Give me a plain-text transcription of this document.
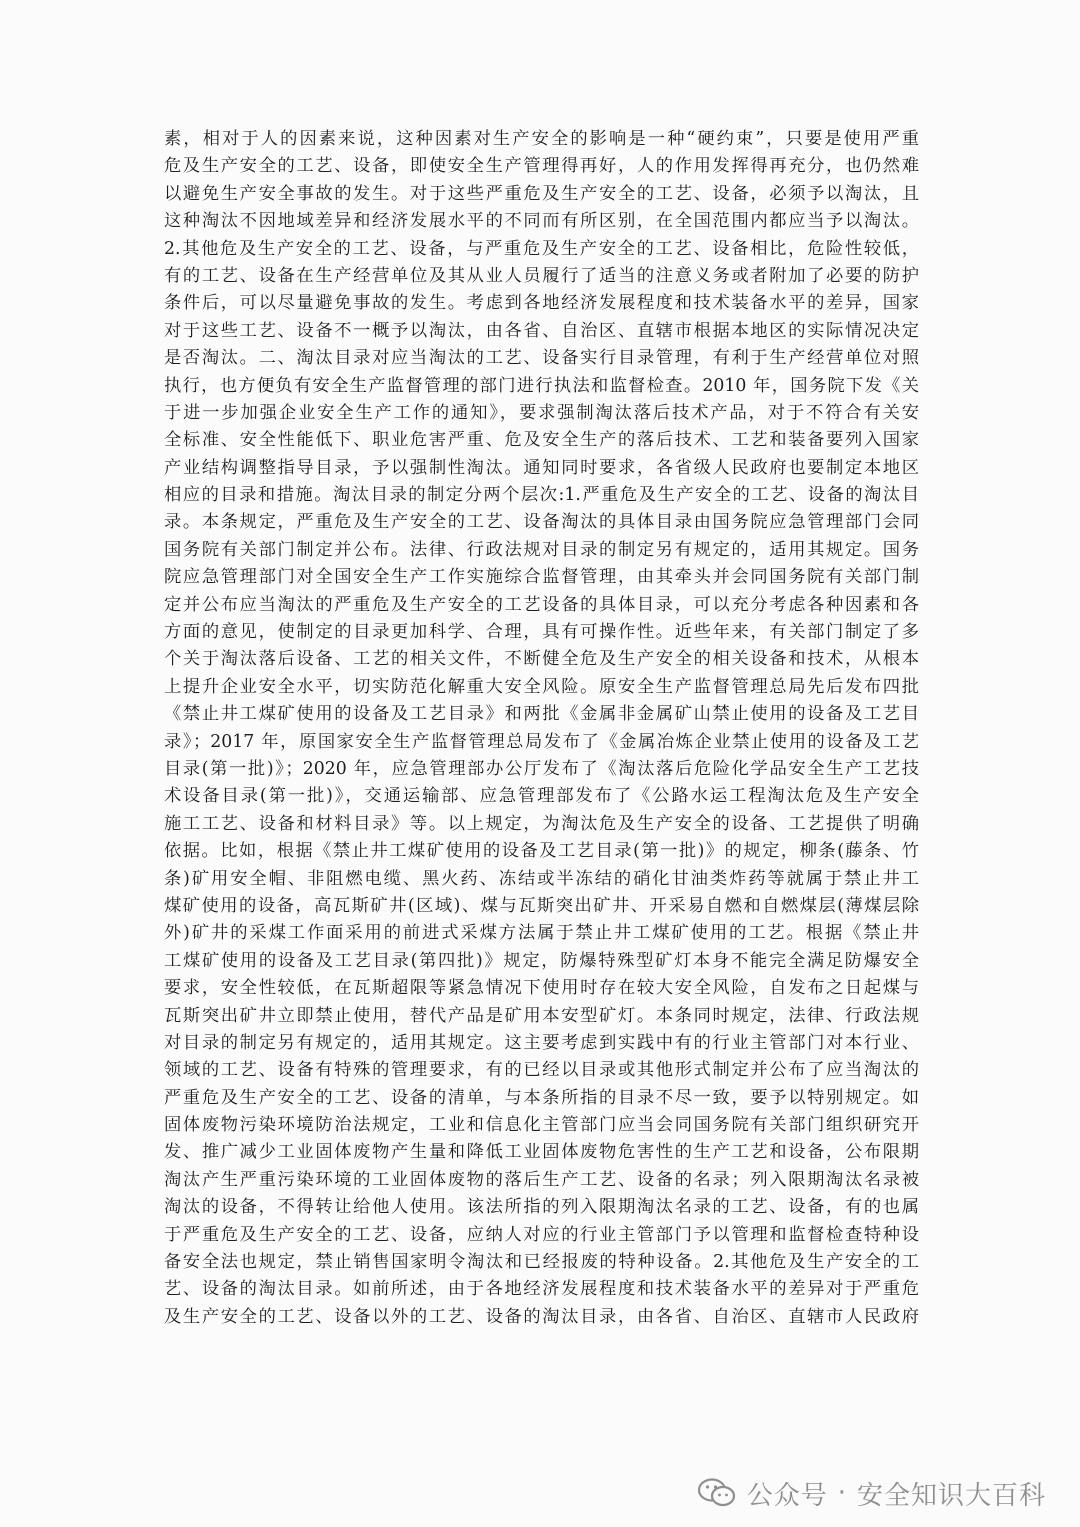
素，相对于人的因素来说，这种因素对生产安全的影响是一种“硬约束”，只要是使用严重
危及生产安全的工艺、设备，即使安全生产管理得再好，人的作用发挥得再充分，也仍然难
以避免生产安全事故的发生。对于这些严重危及生产安全的工艺、设备，必须予以淘汰，且
这种淘汰不因地域差异和经济发展水平的不同而有所区别，在全国范围内都应当予以淘汰。
2.其他危及生产安全的工艺、设备，与严重危及生产安全的工艺、设备相比，危险性较低，
有的工艺、设备在生产经营单位及其从业人员履行了适当的注意义务或者附加了必要的防护
条件后，可以尽量避免事故的发生。考虑到各地经济发展程度和技术装备水平的差异，国家
对于这些工艺、设备不一概予以淘汰，由各省、自治区、直辖市根据本地区的实际情况决定
是否淘汰。二、淘汰目录对应当淘汰的工艺、设备实行目录管理，有利于生产经营单位对照
执行，也方便负有安全生产监督管理的部门进行执法和监督检查。2010 年，国务院下发《关
于进一步加强企业安全生产工作的通知》，要求强制淘汰落后技术产品，对于不符合有关安
全标准、安全性能低下、职业危害严重、危及安全生产的落后技术、工艺和装备要列入国家
产业结构调整指导目录，予以强制性淘汰。通知同时要求，各省级人民政府也要制定本地区
相应的目录和措施。淘汰目录的制定分两个层次:1.严重危及生产安全的工艺、设备的淘汰目
录。本条规定，严重危及生产安全的工艺、设备淘汰的具体目录由国务院应急管理部门会同
国务院有关部门制定并公布。法律、行政法规对目录的制定另有规定的，适用其规定。国务
院应急管理部门对全国安全生产工作实施综合监督管理，由其牵头并会同国务院有关部门制
定并公布应当淘汰的严重危及生产安全的工艺设备的具体目录，可以充分考虑各种因素和各
方面的意见，使制定的目录更加科学、合理，具有可操作性。近些年来，有关部门制定了多
个关于淘汰落后设备、工艺的相关文件，不断健全危及生产安全的相关设备和技术，从根本
上提升企业安全水平，切实防范化解重大安全风险。原安全生产监督管理总局先后发布四批
《禁止井工煤矿使用的设备及工艺目录》和两批《金属非金属矿山禁止使用的设备及工艺目
录》；2017 年，原国家安全生产监督管理总局发布了《金属冶炼企业禁止使用的设备及工艺
目录(第一批)》；2020 年，应急管理部办公厅发布了《淘汰落后危险化学品安全生产工艺技
术设备目录(第一批)》，交通运输部、应急管理部发布了《公路水运工程淘汰危及生产安全
施工工艺、设备和材料目录》等。以上规定，为淘汰危及生产安全的设备、工艺提供了明确
依据。比如，根据《禁止井工煤矿使用的设备及工艺目录(第一批)》的规定，柳条(藤条、竹
条)矿用安全帽、非阻燃电缆、黑火药、冻结或半冻结的硝化甘油类炸药等就属于禁止井工
煤矿使用的设备，高瓦斯矿井(区域)、煤与瓦斯突出矿井、开采易自燃和自燃煤层(薄煤层除
外)矿井的采煤工作面采用的前进式采煤方法属于禁止井工煤矿使用的工艺。根据《禁止井
工煤矿使用的设备及工艺目录(第四批)》规定，防爆特殊型矿灯本身不能完全满足防爆安全
要求，安全性较低，在瓦斯超限等紧急情况下使用时存在较大安全风险，自发布之日起煤与
瓦斯突出矿井立即禁止使用，替代产品是矿用本安型矿灯。本条同时规定，法律、行政法规
对目录的制定另有规定的，适用其规定。这主要考虑到实践中有的行业主管部门对本行业、
领域的工艺、设备有特殊的管理要求，有的已经以目录或其他形式制定并公布了应当淘汰的
严重危及生产安全的工艺、设备的清单，与本条所指的目录不尽一致，要予以特别规定。如
固体废物污染环境防治法规定，工业和信息化主管部门应当会同国务院有关部门组织研究开
发、推广减少工业固体废物产生量和降低工业固体废物危害性的生产工艺和设备，公布限期
淘汰产生严重污染环境的工业固体废物的落后生产工艺、设备的名录；列入限期淘汰名录被
淘汰的设备，不得转让给他人使用。该法所指的列入限期淘汰名录的工艺、设备，有的也属
于严重危及生产安全的工艺、设备，应纳人对应的行业主管部门予以管理和监督检查特种设
备安全法也规定，禁止销售国家明令淘汰和已经报废的特种设备。2.其他危及生产安全的工
艺、设备的淘汰目录。如前所述，由于各地经济发展程度和技术装备水平的差异对于严重危
及生产安全的工艺、设备以外的工艺、设备的淘汰目录，由各省、自治区、直辖市人民政府
公众号 · 安全知识大百科
